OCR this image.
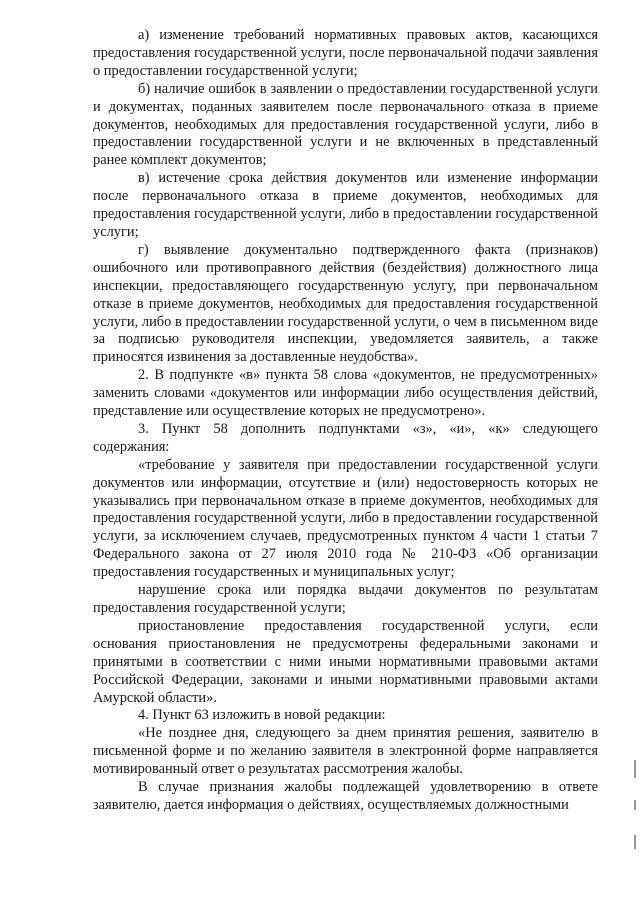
а) изменение требований нормативных правовых актов, касающихся предоставления государственной услуги, после первоначальной подачи заявления о предоставлении государственной услуги;

б) наличие ошибок в заявлении о предоставлении государственной услуги и документах, поданных заявителем после первоначального отказа в приеме документов, необходимых для предоставления государственной услуги, либо в предоставлении государственной услуги и не включенных в представленный ранее комплект документов;

в) истечение срока действия документов или изменение информации после первоначального отказа в приеме документов, необходимых для предоставления государственной услуги, либо в предоставлении государственной услуги;

г) выявление документально подтвержденного факта (признаков) ошибочного или противоправного действия (бездействия) должностного лица инспекции, предоставляющего государственную услугу, при первоначальном отказе в приеме документов, необходимых для предоставления государственной услуги, либо в предоставлении государственной услуги, о чем в письменном виде за подписью руководителя инспекции, уведомляется заявитель, а также приносятся извинения за доставленные неудобства».

2. В подпункте «в» пункта 58 слова «документов, не предусмотренных» заменить словами «документов или информации либо осуществления действий, представление или осуществление которых не предусмотрено».

3. Пункт 58 дополнить подпунктами «з», «и», «к» следующего содержания:

«требование у заявителя при предоставлении государственной услуги документов или информации, отсутствие и (или) недостоверность которых не указывались при первоначальном отказе в приеме документов, необходимых для предоставления государственной услуги, либо в предоставлении государственной услуги, за исключением случаев, предусмотренных пунктом 4 части 1 статьи 7 Федерального закона от 27 июля 2010 года № 210-ФЗ «Об организации предоставления государственных и муниципальных услуг;

нарушение срока или порядка выдачи документов по результатам предоставления государственной услуги;

приостановление предоставления государственной услуги, если основания приостановления не предусмотрены федеральными законами и принятыми в соответствии с ними иными нормативными правовыми актами Российской Федерации, законами и иными нормативными правовыми актами Амурской области».

4. Пункт 63 изложить в новой редакции:

«Не позднее дня, следующего за днем принятия решения, заявителю в письменной форме и по желанию заявителя в электронной форме направляется мотивированный ответ о результатах рассмотрения жалобы.

В случае признания жалобы подлежащей удовлетворению в ответе заявителю, дается информация о действиях, осуществляемых должностными
